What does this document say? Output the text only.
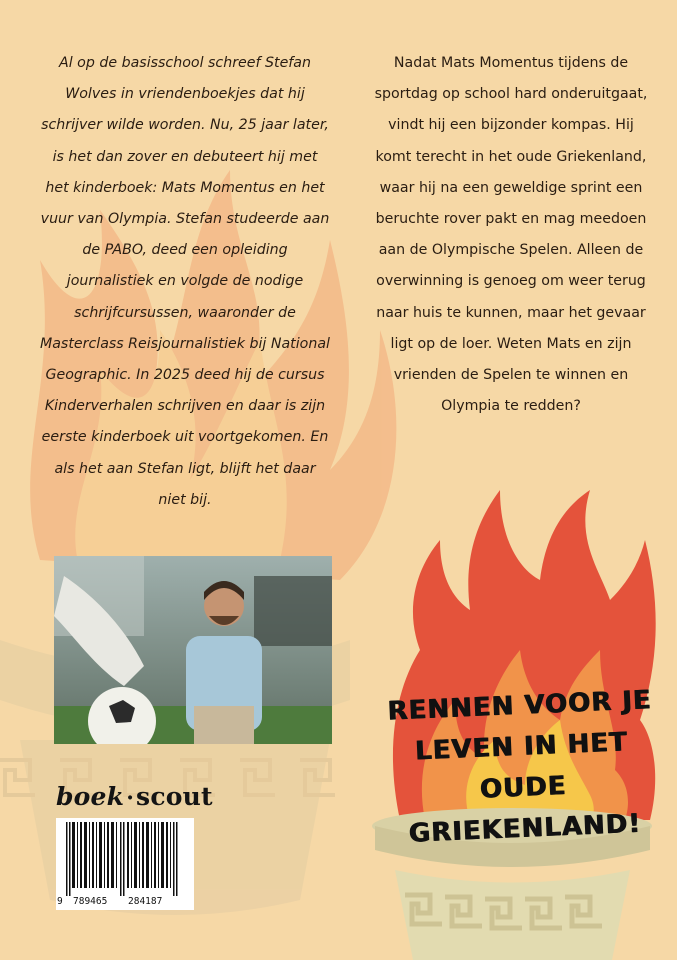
Al op de basisschool schreef Stefan Wolves in vriendenboekjes dat hij schrijver wilde worden. Nu, 25 jaar later, is het dan zover en debuteert hij met het kinderboek: Mats Momentus en het vuur van Olympia. Stefan studeerde aan de PABO, deed een opleiding journalistiek en volgde de nodige schrijfcursussen, waaronder de Masterclass Reisjournalistiek bij National Geographic. In 2025 deed hij de cursus Kinderverhalen schrijven en daar is zijn eerste kinderboek uit voortgekomen. En als het aan Stefan ligt, blijft het daar niet bij.

Nadat Mats Momentus tijdens de sportdag op school hard onderuitgaat, vindt hij een bijzonder kompas. Hij komt terecht in het oude Griekenland, waar hij na een geweldige sprint een beruchte rover pakt en mag meedoen aan de Olympische Spelen. Alleen de overwinning is genoeg om weer terug naar huis te kunnen, maar het gevaar ligt op de loer. Weten Mats en zijn vrienden de Spelen te winnen en Olympia te redden?

boek·scout
9 789465 284187

RENNEN VOOR JE
LEVEN IN HET
OUDE GRIEKENLAND!
